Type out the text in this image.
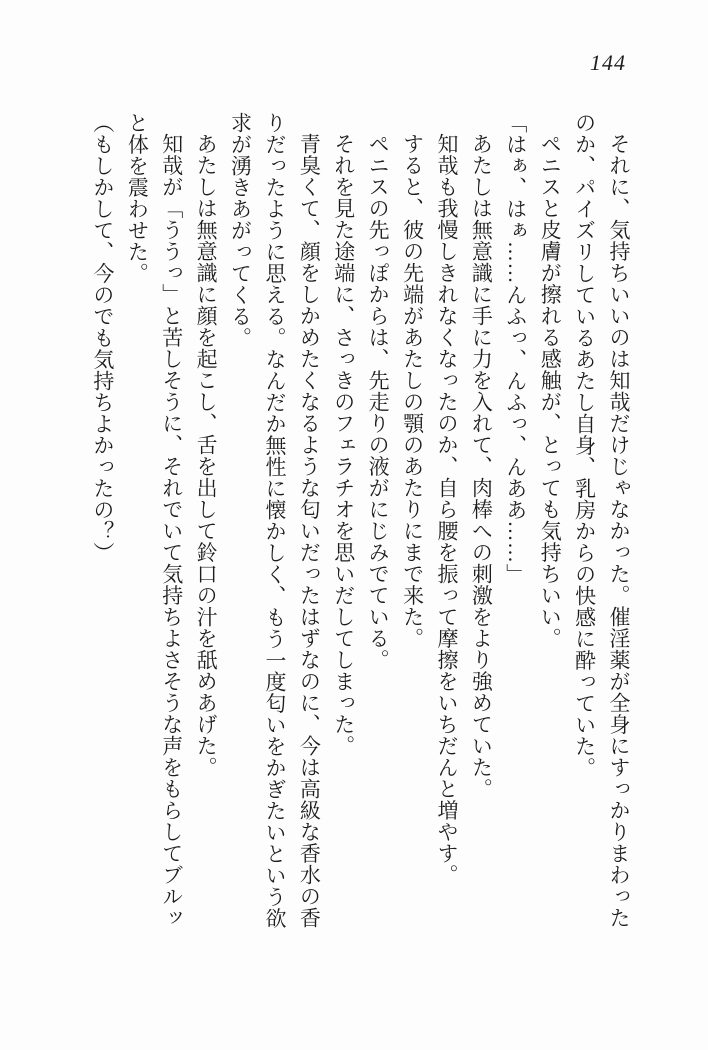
144

それに、気持ちいいのは知哉だけじゃなかった。催淫薬が全身にすっかりまわったのか、パイズリしているあたし自身、乳房からの快感に酔っていた。

ペニスと皮膚が擦れる感触が、とっても気持ちいい。

「はぁ、はぁ……んふっ、んふっ、んああ……」

あたしは無意識に手に力を入れて、肉棒への刺激をより強めていた。

知哉も我慢しきれなくなったのか、自ら腰を振って摩擦をいちだんと増やす。

すると、彼の先端があたしの顎のあたりにまで来た。

ペニスの先っぽからは、先走りの液がにじみでている。

それを見た途端に、さっきのフェラチオを思いだしてしまった。

青臭くて、顔をしかめたくなるような匂いだったはずなのに、今は高級な香水の香りだったように思える。なんだか無性に懐かしく、もう一度匂いをかぎたいという欲求が湧きあがってくる。

あたしは無意識に顔を起こし、舌を出して鈴口の汁を舐めあげた。

知哉が「ううっ」と苦しそうに、それでいて気持ちよさそうな声をもらしてブルッと体を震わせた。

（もしかして、今のでも気持ちよかったの？）
